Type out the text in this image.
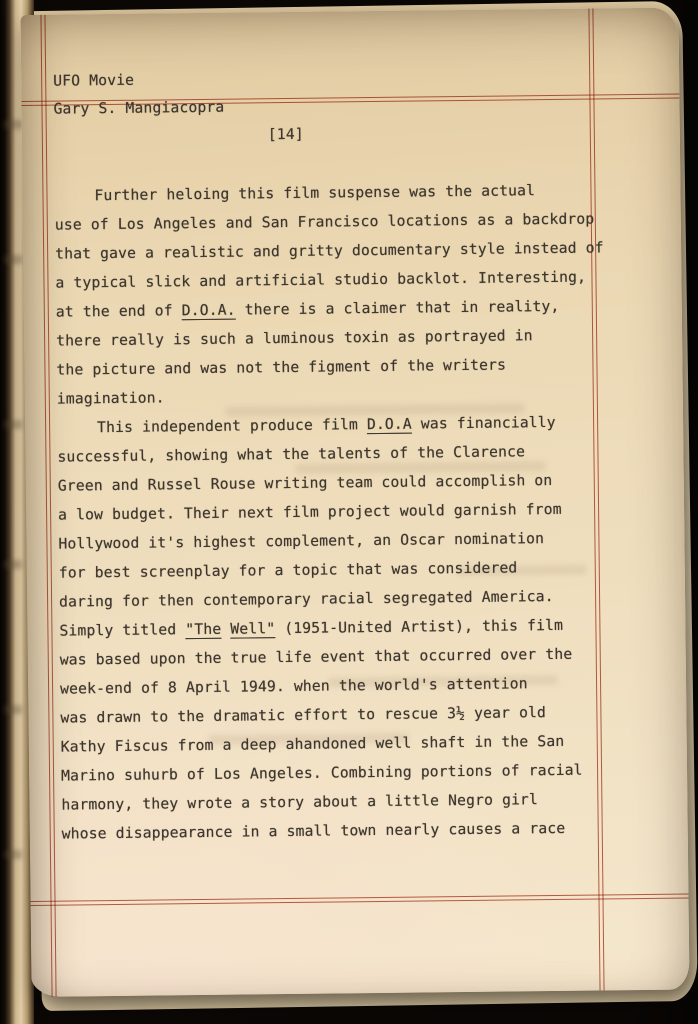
UFO Movie
Gary S. Mangiacopra
[14]
Further heloing this film suspense was the actual
use of Los Angeles and San Francisco locations as a backdrop
that gave a realistic and gritty documentary style instead of
a typical slick and artificial studio backlot. Interesting,
at the end of D.O.A. there is a claimer that in reality,
there really is such a luminous toxin as portrayed in
the picture and was not the figment of the writers
imagination.
This independent produce film D.O.A was financially
successful, showing what the talents of the Clarence
Green and Russel Rouse writing team could accomplish on
a low budget. Their next film project would garnish from
Hollywood it's highest complement, an Oscar nomination
for best screenplay for a topic that was considered
daring for then contemporary racial segregated America.
Simply titled "The Well" (1951-United Artist), this film
was based upon the true life event that occurred over the
week-end of 8 April 1949. when the world's attention
was drawn to the dramatic effort to rescue 3½ year old
Kathy Fiscus from a deep ahandoned well shaft in the San
Marino suhurb of Los Angeles. Combining portions of racial
harmony, they wrote a story about a little Negro girl
whose disappearance in a small town nearly causes a race
